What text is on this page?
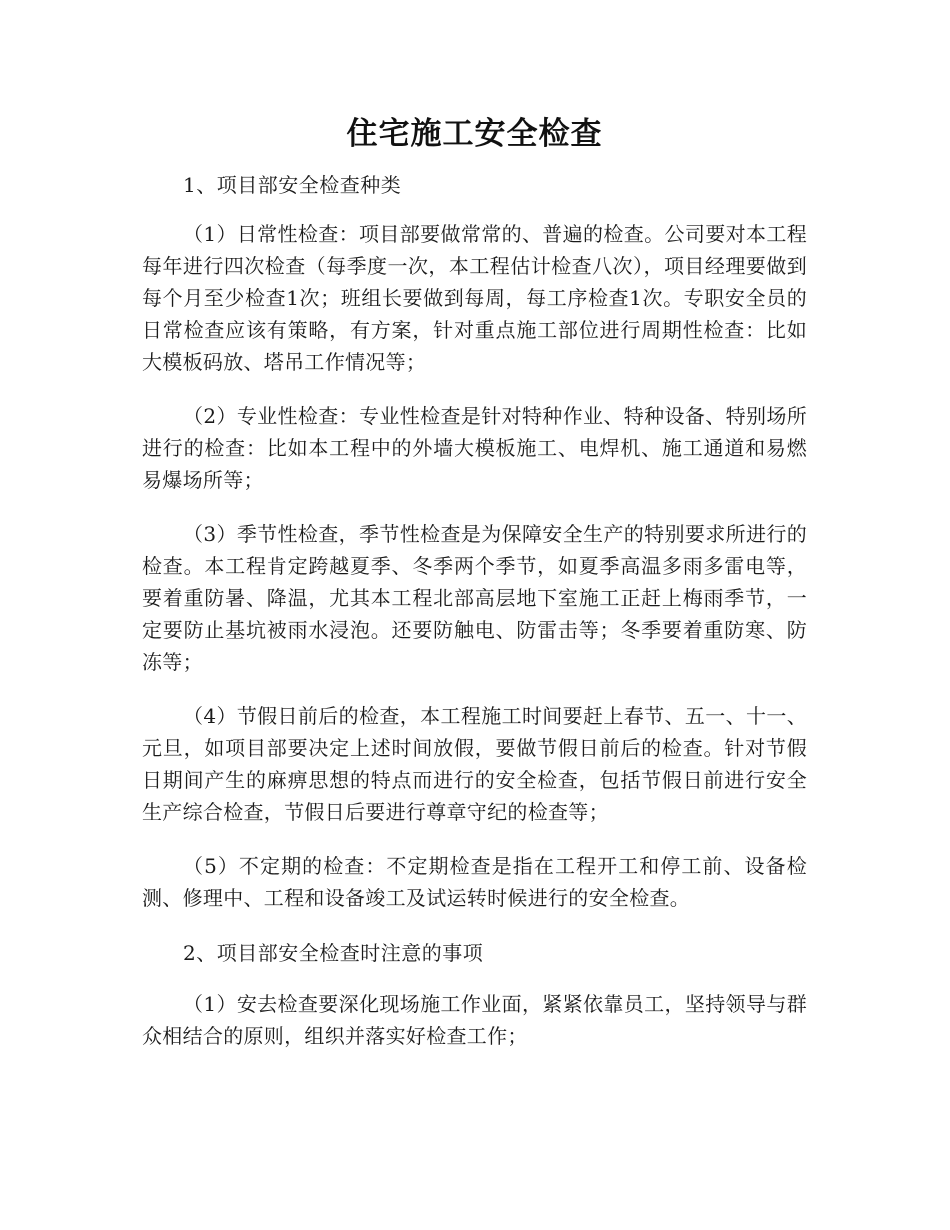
住宅施工安全检查

1、项目部安全检查种类

（1）日常性检查：项目部要做常常的、普遍的检查。公司要对本工程每年进行四次检查（每季度一次，本工程估计检查八次），项目经理要做到每个月至少检查1次；班组长要做到每周，每工序检查1次。专职安全员的日常检查应该有策略，有方案，针对重点施工部位进行周期性检查：比如大模板码放、塔吊工作情况等；

（2）专业性检查：专业性检查是针对特种作业、特种设备、特别场所进行的检查：比如本工程中的外墙大模板施工、电焊机、施工通道和易燃易爆场所等；

（3）季节性检查，季节性检查是为保障安全生产的特别要求所进行的检查。本工程肯定跨越夏季、冬季两个季节，如夏季高温多雨多雷电等，要着重防暑、降温，尤其本工程北部高层地下室施工正赶上梅雨季节，一定要防止基坑被雨水浸泡。还要防触电、防雷击等；冬季要着重防寒、防冻等；

（4）节假日前后的检查，本工程施工时间要赶上春节、五一、十一、元旦，如项目部要决定上述时间放假，要做节假日前后的检查。针对节假日期间产生的麻痹思想的特点而进行的安全检查，包括节假日前进行安全生产综合检查，节假日后要进行尊章守纪的检查等；

（5）不定期的检查：不定期检查是指在工程开工和停工前、设备检测、修理中、工程和设备竣工及试运转时候进行的安全检查。

2、项目部安全检查时注意的事项

（1）安去检查要深化现场施工作业面，紧紧依靠员工，坚持领导与群众相结合的原则，组织并落实好检查工作；
